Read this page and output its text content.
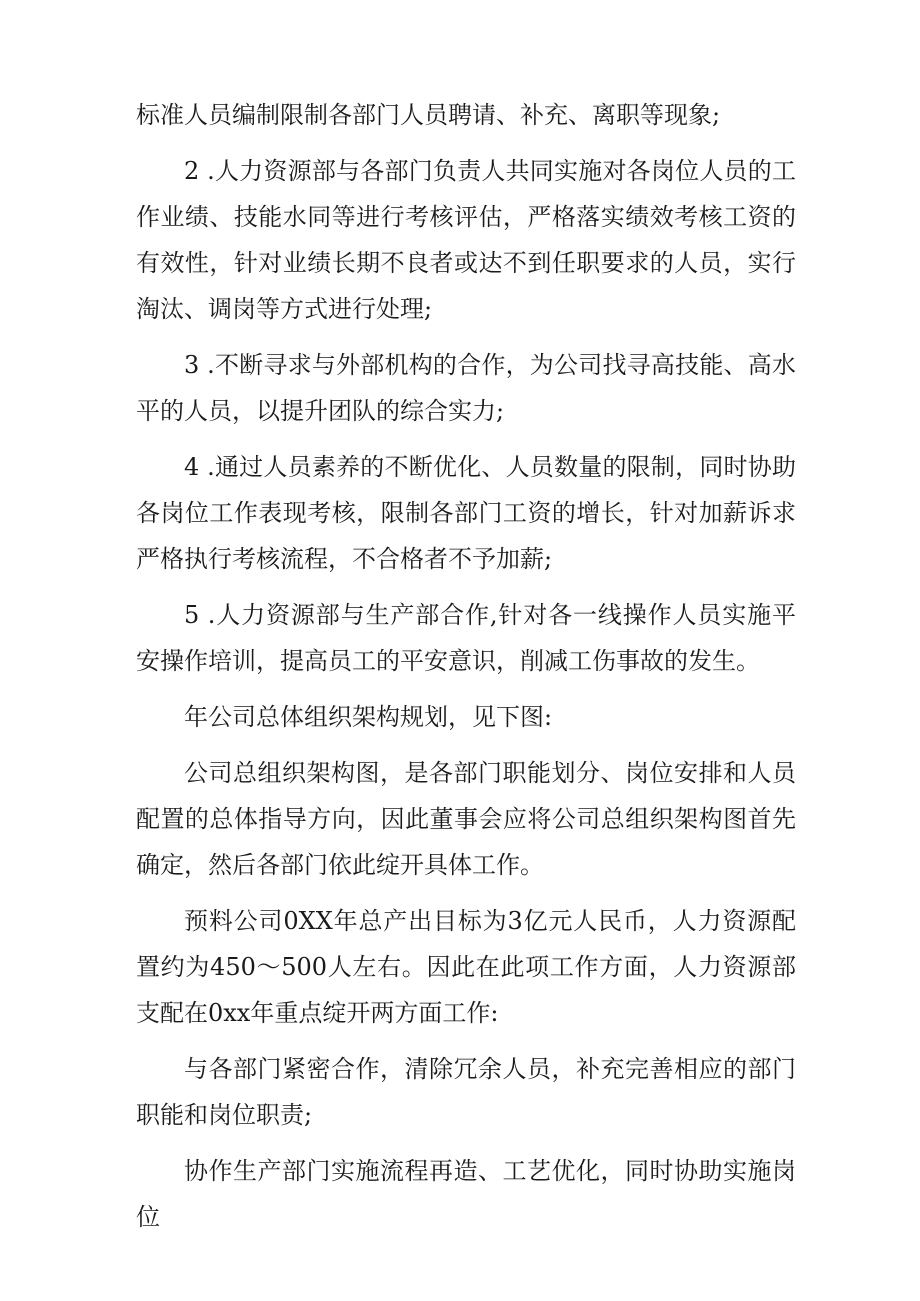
标准人员编制限制各部门人员聘请、补充、离职等现象;

2 .人力资源部与各部门负责人共同实施对各岗位人员的工作业绩、技能水同等进行考核评估，严格落实绩效考核工资的有效性，针对业绩长期不良者或达不到任职要求的人员，实行淘汰、调岗等方式进行处理;

3 .不断寻求与外部机构的合作，为公司找寻高技能、高水平的人员，以提升团队的综合实力;

4 .通过人员素养的不断优化、人员数量的限制，同时协助各岗位工作表现考核，限制各部门工资的增长，针对加薪诉求严格执行考核流程，不合格者不予加薪;

5 .人力资源部与生产部合作,针对各一线操作人员实施平安操作培训，提高员工的平安意识，削减工伤事故的发生。

年公司总体组织架构规划，见下图:

公司总组织架构图，是各部门职能划分、岗位安排和人员配置的总体指导方向，因此董事会应将公司总组织架构图首先确定，然后各部门依此绽开具体工作。

预料公司0XX年总产出目标为3亿元人民币，人力资源配置约为450～500人左右。因此在此项工作方面，人力资源部支配在0xx年重点绽开两方面工作:

与各部门紧密合作，清除冗余人员，补充完善相应的部门职能和岗位职责;

协作生产部门实施流程再造、工艺优化，同时协助实施岗位
